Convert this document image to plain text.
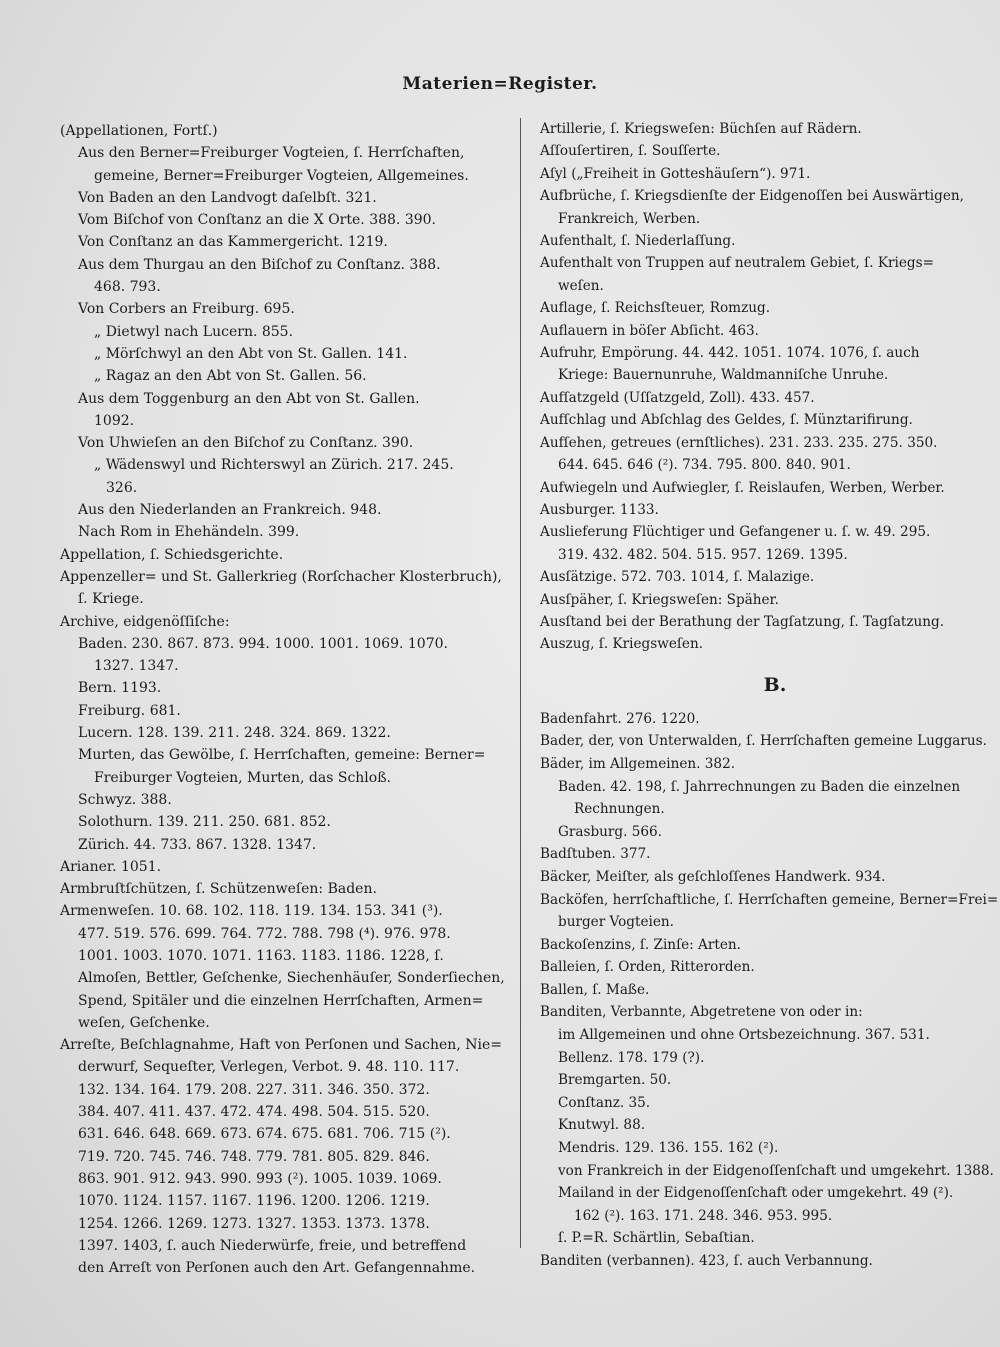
Materien=Register.
(Appellationen, Fortſ.)
Aus den Berner=Freiburger Vogteien, ſ. Herrſchaften,
gemeine, Berner=Freiburger Vogteien, Allgemeines.
Von Baden an den Landvogt daſelbſt. 321.
Vom Biſchof von Conſtanz an die X Orte. 388. 390.
Von Conſtanz an das Kammergericht. 1219.
Aus dem Thurgau an den Biſchof zu Conſtanz. 388.
468. 793.
Von Corbers an Freiburg. 695.
„ Dietwyl nach Lucern. 855.
„ Mörſchwyl an den Abt von St. Gallen. 141.
„ Ragaz an den Abt von St. Gallen. 56.
Aus dem Toggenburg an den Abt von St. Gallen.
1092.
Von Uhwieſen an den Biſchof zu Conſtanz. 390.
„ Wädenswyl und Richterswyl an Zürich. 217. 245.
326.
Aus den Niederlanden an Frankreich. 948.
Nach Rom in Ehehändeln. 399.
Appellation, ſ. Schiedsgerichte.
Appenzeller= und St. Gallerkrieg (Rorſchacher Klosterbruch),
ſ. Kriege.
Archive, eidgenöſſiſche:
Baden. 230. 867. 873. 994. 1000. 1001. 1069. 1070.
1327. 1347.
Bern. 1193.
Freiburg. 681.
Lucern. 128. 139. 211. 248. 324. 869. 1322.
Murten, das Gewölbe, ſ. Herrſchaften, gemeine: Berner=
Freiburger Vogteien, Murten, das Schloß.
Schwyz. 388.
Solothurn. 139. 211. 250. 681. 852.
Zürich. 44. 733. 867. 1328. 1347.
Arianer. 1051.
Armbruſtſchützen, ſ. Schützenweſen: Baden.
Armenweſen. 10. 68. 102. 118. 119. 134. 153. 341 (³).
477. 519. 576. 699. 764. 772. 788. 798 (⁴). 976. 978.
1001. 1003. 1070. 1071. 1163. 1183. 1186. 1228, ſ.
Almoſen, Bettler, Geſchenke, Siechenhäuſer, Sonderſiechen,
Spend, Spitäler und die einzelnen Herrſchaften, Armen=
weſen, Geſchenke.
Arreſte, Beſchlagnahme, Haft von Perſonen und Sachen, Nie=
derwurf, Sequeſter, Verlegen, Verbot. 9. 48. 110. 117.
132. 134. 164. 179. 208. 227. 311. 346. 350. 372.
384. 407. 411. 437. 472. 474. 498. 504. 515. 520.
631. 646. 648. 669. 673. 674. 675. 681. 706. 715 (²).
719. 720. 745. 746. 748. 779. 781. 805. 829. 846.
863. 901. 912. 943. 990. 993 (²). 1005. 1039. 1069.
1070. 1124. 1157. 1167. 1196. 1200. 1206. 1219.
1254. 1266. 1269. 1273. 1327. 1353. 1373. 1378.
1397. 1403, ſ. auch Niederwürfe, freie, und betreffend
den Arreſt von Perſonen auch den Art. Gefangennahme.
Artillerie, ſ. Kriegsweſen: Büchſen auf Rädern.
Aſſouſertiren, ſ. Souſſerte.
Aſyl („Freiheit in Gotteshäuſern“). 971.
Aufbrüche, ſ. Kriegsdienſte der Eidgenoſſen bei Auswärtigen,
Frankreich, Werben.
Aufenthalt, ſ. Niederlaſſung.
Aufenthalt von Truppen auf neutralem Gebiet, ſ. Kriegs=
weſen.
Auflage, ſ. Reichsſteuer, Romzug.
Auflauern in böſer Abſicht. 463.
Aufruhr, Empörung. 44. 442. 1051. 1074. 1076, ſ. auch
Kriege: Bauernunruhe, Waldmanniſche Unruhe.
Aufſatzgeld (Uſſatzgeld, Zoll). 433. 457.
Aufſchlag und Abſchlag des Geldes, ſ. Münztarifirung.
Aufſehen, getreues (ernſtliches). 231. 233. 235. 275. 350.
644. 645. 646 (²). 734. 795. 800. 840. 901.
Aufwiegeln und Aufwiegler, ſ. Reislaufen, Werben, Werber.
Ausburger. 1133.
Auslieferung Flüchtiger und Gefangener u. ſ. w. 49. 295.
319. 432. 482. 504. 515. 957. 1269. 1395.
Ausſätzige. 572. 703. 1014, ſ. Malazige.
Ausſpäher, ſ. Kriegsweſen: Späher.
Ausſtand bei der Berathung der Tagſatzung, ſ. Tagſatzung.
Auszug, ſ. Kriegsweſen.
B.
Badenfahrt. 276. 1220.
Bader, der, von Unterwalden, ſ. Herrſchaften gemeine Luggarus.
Bäder, im Allgemeinen. 382.
Baden. 42. 198, ſ. Jahrrechnungen zu Baden die einzelnen
Rechnungen.
Grasburg. 566.
Badſtuben. 377.
Bäcker, Meiſter, als geſchloſſenes Handwerk. 934.
Backöfen, herrſchaftliche, ſ. Herrſchaften gemeine, Berner=Frei=
burger Vogteien.
Backoſenzins, ſ. Zinſe: Arten.
Balleien, ſ. Orden, Ritterorden.
Ballen, ſ. Maße.
Banditen, Verbannte, Abgetretene von oder in:
im Allgemeinen und ohne Ortsbezeichnung. 367. 531.
Bellenz. 178. 179 (?).
Bremgarten. 50.
Conſtanz. 35.
Knutwyl. 88.
Mendris. 129. 136. 155. 162 (²).
von Frankreich in der Eidgenoſſenſchaft und umgekehrt. 1388.
Mailand in der Eidgenoſſenſchaft oder umgekehrt. 49 (²).
162 (²). 163. 171. 248. 346. 953. 995.
ſ. P.=R. Schärtlin, Sebaſtian.
Banditen (verbannen). 423, ſ. auch Verbannung.
